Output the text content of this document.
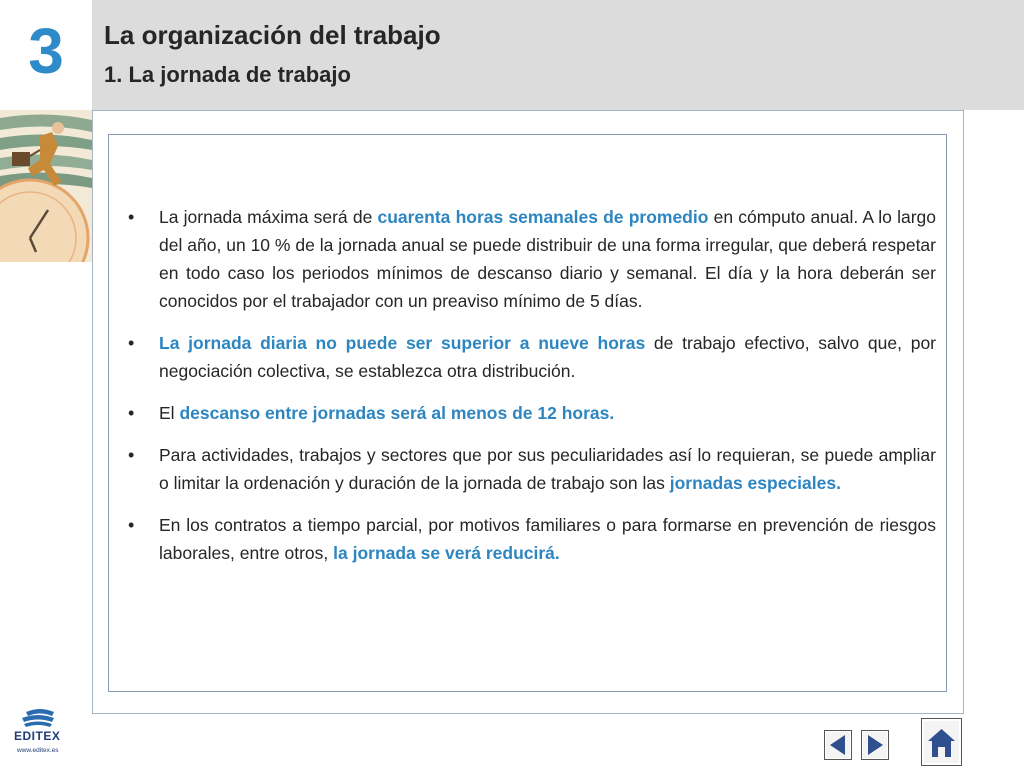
3 La organización del trabajo
1. La jornada de trabajo
• La jornada máxima será de cuarenta horas semanales de promedio en cómputo anual. A lo largo del año, un 10 % de la jornada anual se puede distribuir de una forma irregular, que deberá respetar en todo caso los periodos mínimos de descanso diario y semanal. El día y la hora deberán ser conocidos por el trabajador con un preaviso mínimo de 5 días.
• La jornada diaria no puede ser superior a nueve horas de trabajo efectivo, salvo que, por negociación colectiva, se establezca otra distribución.
• El descanso entre jornadas será al menos de 12 horas.
• Para actividades, trabajos y sectores que por sus peculiaridades así lo requieran, se puede ampliar o limitar la ordenación y duración de la jornada de trabajo son las jornadas especiales.
• En los contratos a tiempo parcial, por motivos familiares o para formarse en prevención de riesgos laborales, entre otros, la jornada se verá reducirá.
EDITEX
www.editex.es
